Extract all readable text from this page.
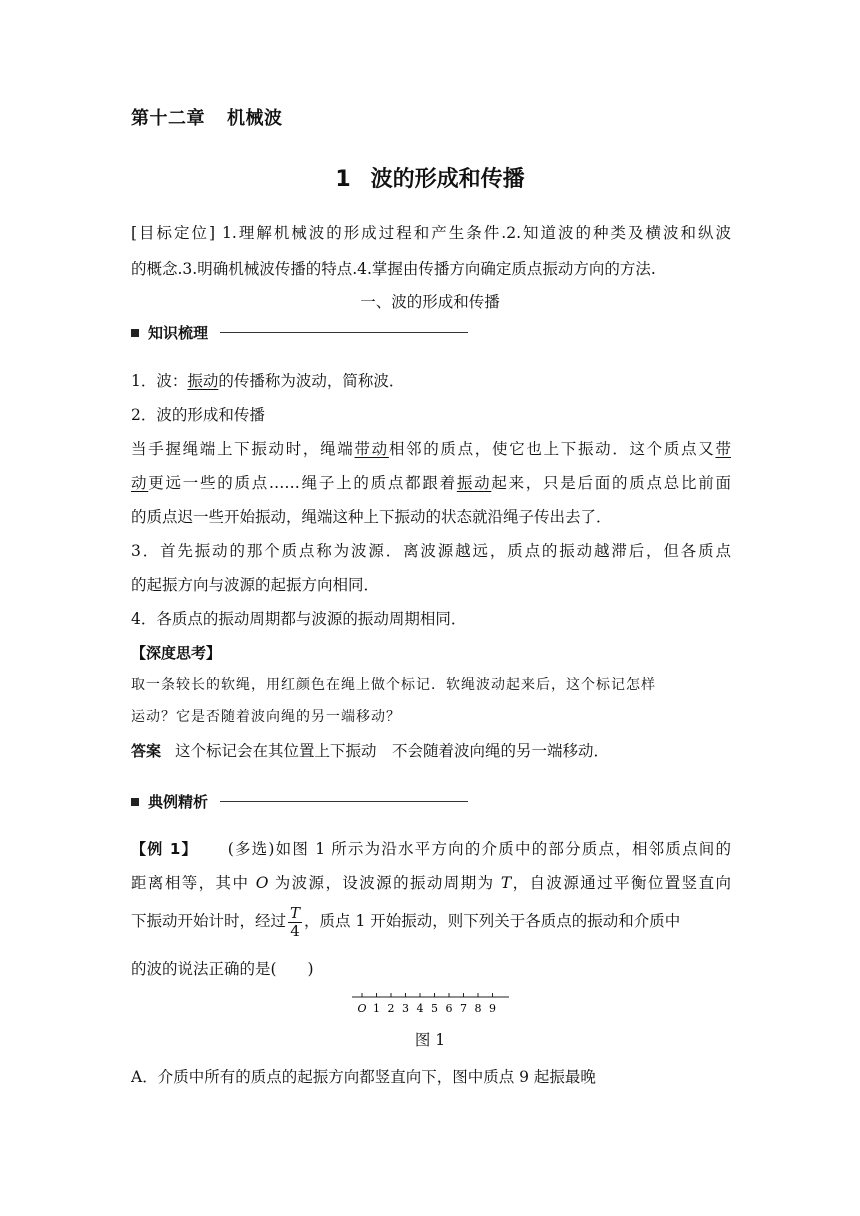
第十二章 机械波
1 波的形成和传播
[目标定位] 1.理解机械波的形成过程和产生条件.2.知道波的种类及横波和纵波
的概念.3.明确机械波传播的特点.4.掌握由传播方向确定质点振动方向的方法.
一、波的形成和传播
知识梳理
1．波：振动的传播称为波动，简称波．
2．波的形成和传播
当手握绳端上下振动时，绳端带动相邻的质点，使它也上下振动．这个质点又带
动更远一些的质点……绳子上的质点都跟着振动起来，只是后面的质点总比前面
的质点迟一些开始振动，绳端这种上下振动的状态就沿绳子传出去了．
3．首先振动的那个质点称为波源．离波源越远，质点的振动越滞后，但各质点
的起振方向与波源的起振方向相同．
4．各质点的振动周期都与波源的振动周期相同．
【深度思考】
取一条较长的软绳，用红颜色在绳上做个标记．软绳波动起来后，这个标记怎样
运动？它是否随着波向绳的另一端移动？
答案 这个标记会在其位置上下振动　不会随着波向绳的另一端移动．
典例精析
【例 1】 (多选)如图 1 所示为沿水平方向的介质中的部分质点，相邻质点间的
距离相等，其中 O 为波源，设波源的振动周期为 T，自波源通过平衡位置竖直向
下振动开始计时，经过 $\frac{T}{4}$ ，质点 1 开始振动，则下列关于各质点的振动和介质中
的波的说法正确的是(　　)
O 1 2 3 4 5 6 7 8 9
图 1
A．介质中所有的质点的起振方向都竖直向下，图中质点 9 起振最晚
